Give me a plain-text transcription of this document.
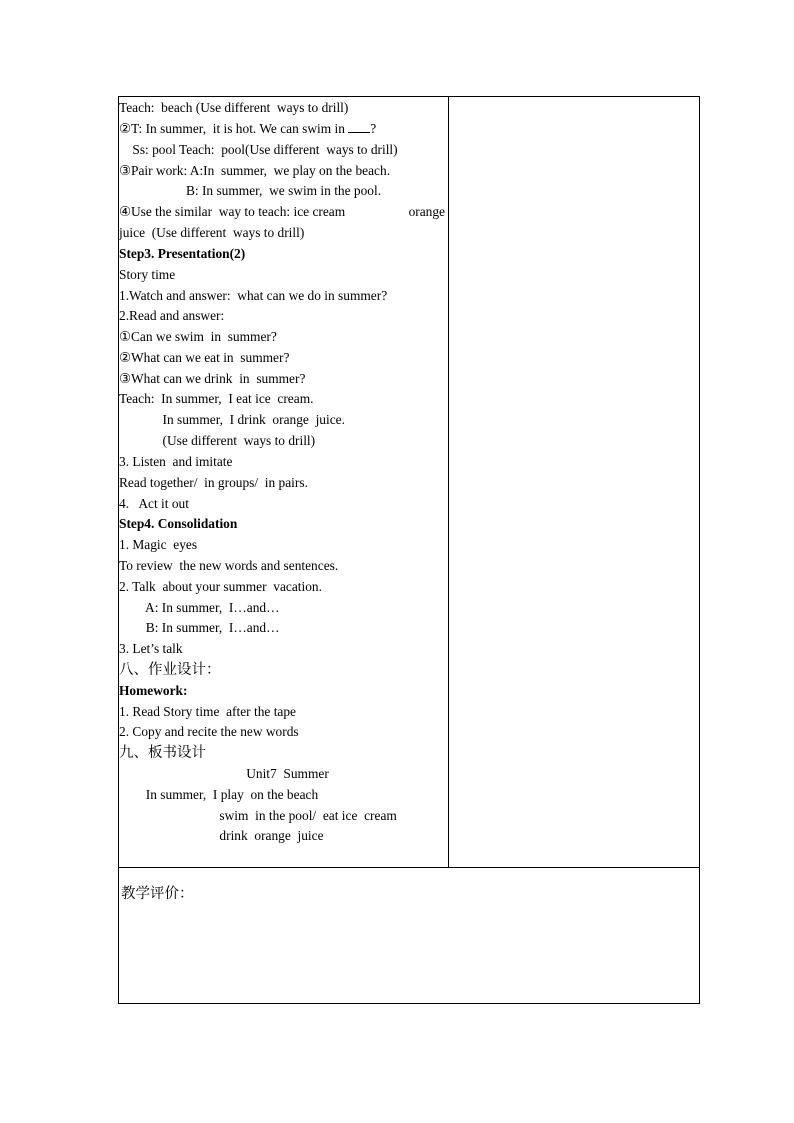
Teach:  beach (Use different  ways to drill)
②T: In summer,  it is hot. We can swim in ?
Ss: pool Teach:  pool(Use different  ways to drill)
③Pair work: A:In  summer,  we play on the beach.
B: In summer,  we swim in the pool.
④Use the similar  way to teach: ice cream	orange
juice  (Use different  ways to drill)
Step3. Presentation(2)
Story time
1.Watch and answer:  what can we do in summer?
2.Read and answer:
①Can we swim  in  summer?
②What can we eat in  summer?
③What can we drink  in  summer?
Teach:  In summer,  I eat ice  cream.
In summer,  I drink  orange  juice.
(Use different  ways to drill)
3. Listen  and imitate
Read together/  in groups/  in pairs.
4.   Act it out
Step4. Consolidation
1. Magic  eyes
To review  the new words and sentences.
2. Talk  about your summer  vacation.
A: In summer,  I…and…
B: In summer,  I…and…
3. Let’s talk
八、作业设计：
Homework:
1. Read Story time  after the tape
2. Copy and recite the new words
九、板书设计
Unit7  Summer
In summer,  I play  on the beach
swim  in the pool/  eat ice  cream
drink  orange  juice
教学评价：
